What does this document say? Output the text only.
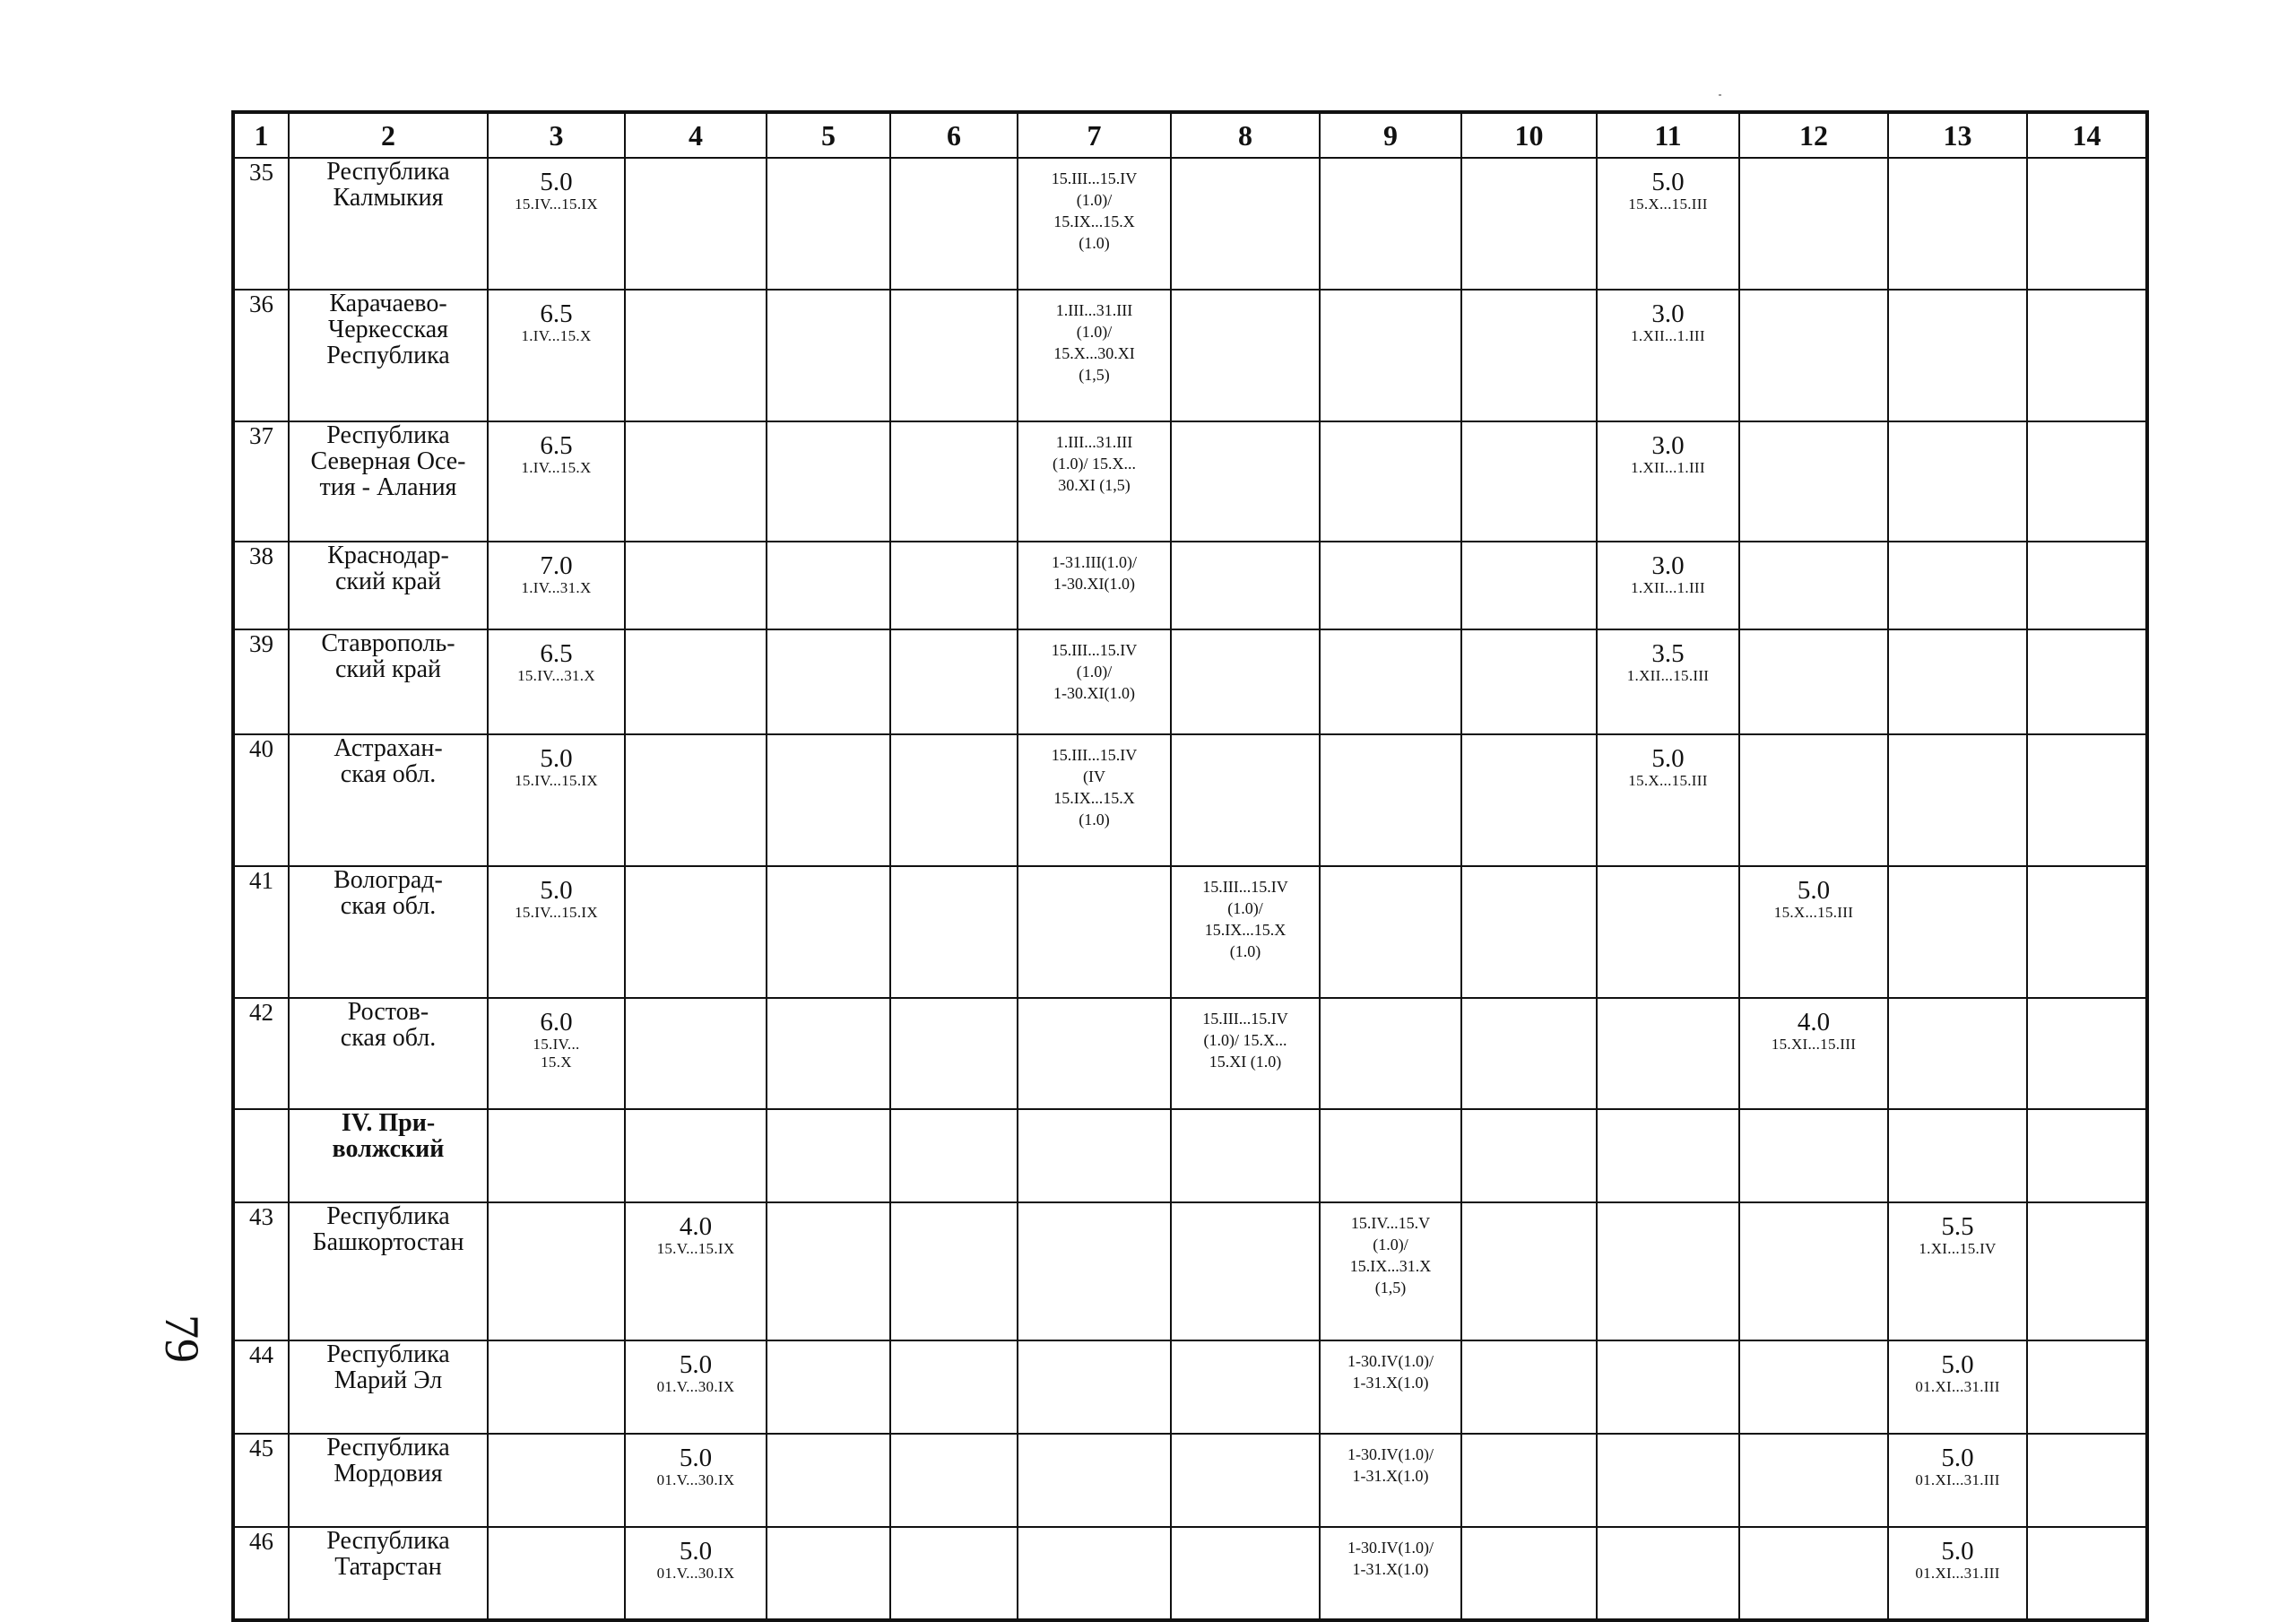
1	2	3	4	5	6	7	8	9	10	11	12	13	14
35	Республика
Калмыкия	5.0
15.IV...15.IX				15.III...15.IV
(1.0)/
15.IX...15.X
(1.0)				5.0
15.X...15.III			

36	Карачаево-
Черкесская
Республика	6.5
1.IV...15.X				1.III...31.III
(1.0)/
15.X...30.XI
(1,5)				3.0
1.XII...1.III			

37	Республика
Северная Осе-
тия - Алания	6.5
1.IV...15.X				1.III...31.III
(1.0)/ 15.X...
30.XI (1,5)				3.0
1.XII...1.III			

38	Краснодар-
ский край	7.0
1.IV...31.X				1-31.III(1.0)/
1-30.XI(1.0)				3.0
1.XII...1.III			

39	Ставрополь-
ский край	6.5
15.IV...31.X				15.III...15.IV
(1.0)/
1-30.XI(1.0)				3.5
1.XII...15.III			

40	Астрахан-
ская обл.	5.0
15.IV...15.IX				15.III...15.IV
(IV
15.IX...15.X
(1.0)				5.0
15.X...15.III			

41	Волоград-
ская обл.	5.0
15.IV...15.IX					15.III...15.IV
(1.0)/
15.IX...15.X
(1.0)				5.0
15.X...15.III		

42	Ростов-
ская обл.	6.0
15.IV...
15.X					15.III...15.IV
(1.0)/ 15.X...
15.XI (1.0)				4.0
15.XI...15.III		

	IV. При-
волжский												

43	Республика
Башкортостан		4.0
15.V...15.IX					15.IV...15.V
(1.0)/
15.IX...31.X
(1,5)				5.5
1.XI...15.IV	

44	Республика
Марий Эл		5.0
01.V...30.IX					1-30.IV(1.0)/
1-31.X(1.0)				5.0
01.XI...31.III	

45	Республика
Мордовия		5.0
01.V...30.IX					1-30.IV(1.0)/
1-31.X(1.0)				5.0
01.XI...31.III	

46	Республика
Татарстан		5.0
01.V...30.IX					1-30.IV(1.0)/
1-31.X(1.0)				5.0
01.XI...31.III	

79
